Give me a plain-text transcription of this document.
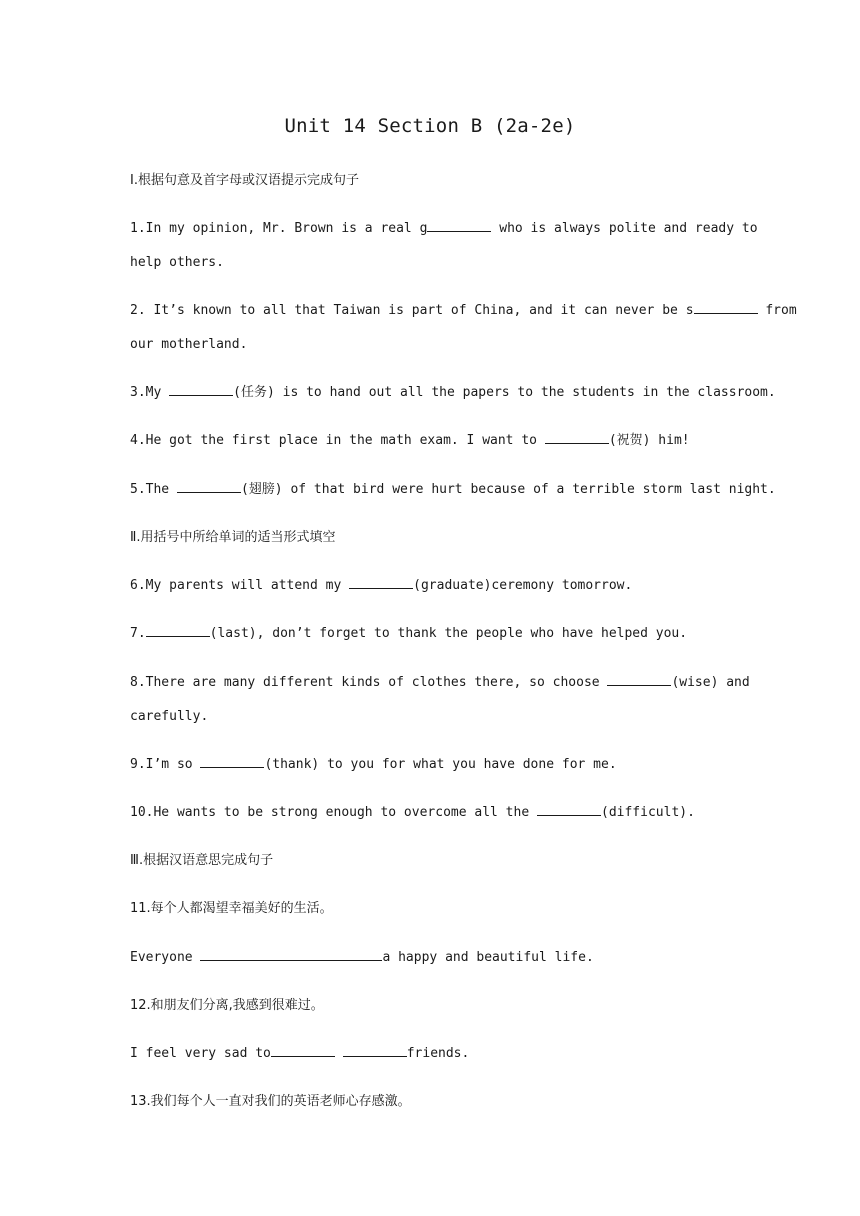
Unit 14 Section B (2a-2e)
Ⅰ.根据句意及首字母或汉语提示完成句子
1.In my opinion, Mr. Brown is a real g	who is always polite and ready to
help others.
2. It’s known to all that Taiwan is part of China, and it can never be s	from
our motherland.
3.My	(任务) is to hand out all the papers to the students in the classroom.
4.He got the first place in the math exam. I want to	(祝贺) him!
5.The	(翅膀) of that bird were hurt because of a terrible storm last night.
Ⅱ.用括号中所给单词的适当形式填空
6.My parents will attend my	(graduate)ceremony tomorrow.
7.	(last), don’t forget to thank the people who have helped you.
8.There are many different kinds of clothes there, so choose	(wise) and
carefully.
9.I’m so	(thank) to you for what you have done for me.
10.He wants to be strong enough to overcome all the	(difficult).
Ⅲ.根据汉语意思完成句子
11.每个人都渴望幸福美好的生活。
Everyone	a happy and beautiful life.
12.和朋友们分离,我感到很难过。
I feel very sad to	friends.
13.我们每个人一直对我们的英语老师心存感激。
